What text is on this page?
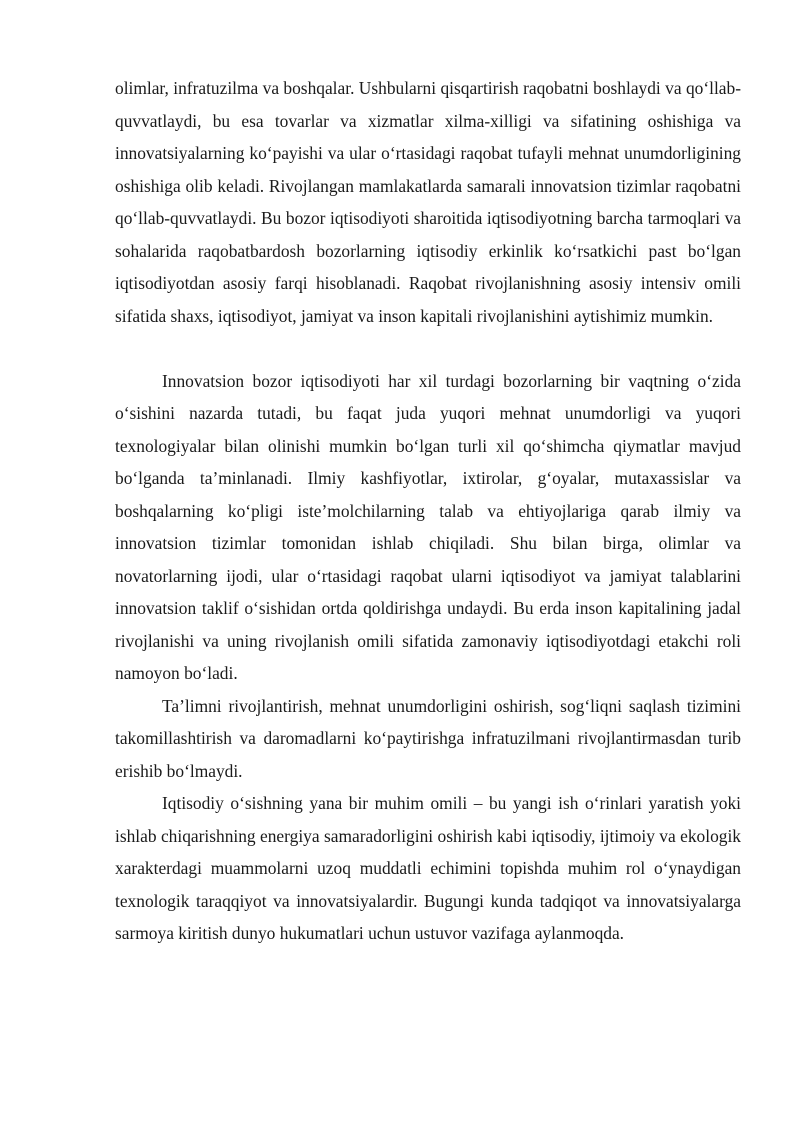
olimlar, infratuzilma va boshqalar. Ushbularni qisqartirish raqobatni boshlaydi va qo‘llab-quvvatlaydi, bu esa tovarlar va xizmatlar xilma-xilligi va sifatining oshishiga va innovatsiyalarning ko‘payishi va ular o‘rtasidagi raqobat tufayli mehnat unumdorligining oshishiga olib keladi. Rivojlangan mamlakatlarda samarali innovatsion tizimlar raqobatni qo‘llab-quvvatlaydi. Bu bozor iqtisodiyoti sharoitida iqtisodiyotning barcha tarmoqlari va sohalarida raqobatbardosh bozorlarning iqtisodiy erkinlik ko‘rsatkichi past bo‘lgan iqtisodiyotdan asosiy farqi hisoblanadi. Raqobat rivojlanishning asosiy intensiv omili sifatida shaxs, iqtisodiyot, jamiyat va inson kapitali rivojlanishini aytishimiz mumkin.

Innovatsion bozor iqtisodiyoti har xil turdagi bozorlarning bir vaqtning o‘zida o‘sishini nazarda tutadi, bu faqat juda yuqori mehnat unumdorligi va yuqori texnologiyalar bilan olinishi mumkin bo‘lgan turli xil qo‘shimcha qiymatlar mavjud bo‘lganda ta’minlanadi. Ilmiy kashfiyotlar, ixtirolar, g‘oyalar, mutaxassislar va boshqalarning ko‘pligi iste’molchilarning talab va ehtiyojlariga qarab ilmiy va innovatsion tizimlar tomonidan ishlab chiqiladi. Shu bilan birga, olimlar va novatorlarning ijodi, ular o‘rtasidagi raqobat ularni iqtisodiyot va jamiyat talablarini innovatsion taklif o‘sishidan ortda qoldirishga undaydi. Bu erda inson kapitalining jadal rivojlanishi va uning rivojlanish omili sifatida zamonaviy iqtisodiyotdagi etakchi roli namoyon bo‘ladi.

Ta’limni rivojlantirish, mehnat unumdorligini oshirish, sog‘liqni saqlash tizimini takomillashtirish va daromadlarni ko‘paytirishga infratuzilmani rivojlantirmasdan turib erishib bo‘lmaydi.

Iqtisodiy o‘sishning yana bir muhim omili – bu yangi ish o‘rinlari yaratish yoki ishlab chiqarishning energiya samaradorligini oshirish kabi iqtisodiy, ijtimoiy va ekologik xarakterdagi muammolarni uzoq muddatli echimini topishda muhim rol o‘ynaydigan texnologik taraqqiyot va innovatsiyalardir. Bugungi kunda tadqiqot va innovatsiyalarga sarmoya kiritish dunyo hukumatlari uchun ustuvor vazifaga aylanmoqda.
